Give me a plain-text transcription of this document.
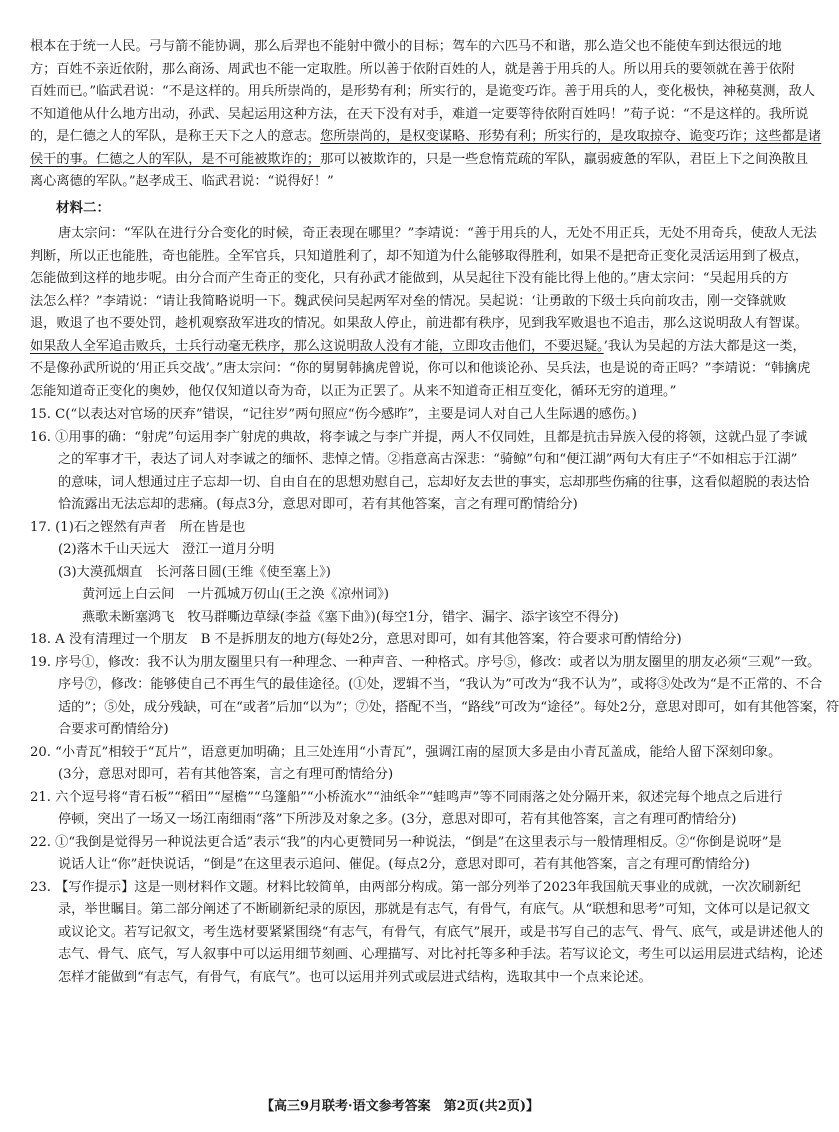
根本在于统一人民。弓与箭不能协调，那么后羿也不能射中微小的目标；驾车的六匹马不和谐，那么造父也不能使车到达很远的地
方；百姓不亲近依附，那么商汤、周武也不能一定取胜。所以善于依附百姓的人，就是善于用兵的人。所以用兵的要领就在善于依附
百姓而已。”临武君说：“不是这样的。用兵所崇尚的，是形势有利；所实行的，是诡变巧诈。善于用兵的人，变化极快，神秘莫测，敌人
不知道他从什么地方出动，孙武、吴起运用这种方法，在天下没有对手，难道一定要等待依附百姓吗！”荀子说：“不是这样的。我所说
的，是仁德之人的军队，是称王天下之人的意志。您所崇尚的，是权变谋略、形势有利；所实行的，是攻取掠夺、诡变巧诈；这些都是诸
侯干的事。仁德之人的军队，是不可能被欺诈的；那可以被欺诈的，只是一些怠惰荒疏的军队，羸弱疲惫的军队，君臣上下之间涣散且
离心离德的军队。”赵孝成王、临武君说：“说得好！”

材料二：

唐太宗问：“军队在进行分合变化的时候，奇正表现在哪里？”李靖说：“善于用兵的人，无处不用正兵，无处不用奇兵，使敌人无法
判断，所以正也能胜，奇也能胜。全军官兵，只知道胜利了，却不知道为什么能够取得胜利，如果不是把奇正变化灵活运用到了极点，
怎能做到这样的地步呢。由分合而产生奇正的变化，只有孙武才能做到，从吴起往下没有能比得上他的。”唐太宗问：“吴起用兵的方
法怎么样？”李靖说：“请让我简略说明一下。魏武侯问吴起两军对垒的情况。吴起说：‘让勇敢的下级士兵向前攻击，刚一交锋就败
退，败退了也不要处罚，趁机观察敌军进攻的情况。如果敌人停止，前进都有秩序，见到我军败退也不追击，那么这说明敌人有智谋。
如果敌人全军追击败兵，士兵行动毫无秩序，那么这说明敌人没有才能，立即攻击他们，不要迟疑。’我认为吴起的方法大都是这一类，
不是像孙武所说的‘用正兵交战’。”唐太宗问：“你的舅舅韩擒虎曾说，你可以和他谈论孙、吴兵法，也是说的奇正吗？”李靖说：“韩擒虎
怎能知道奇正变化的奥妙，他仅仅知道以奇为奇，以正为正罢了。从来不知道奇正相互变化，循环无穷的道理。”
15. C(“以表达对官场的厌弃”错误，“记往岁”两句照应“伤今感昨”，主要是词人对自己人生际遇的感伤。)
16. ①用事的确：“射虎”句运用李广射虎的典故，将李诚之与李广并提，两人不仅同姓，且都是抗击异族入侵的将领，这就凸显了李诚
之的军事才干，表达了词人对李诚之的缅怀、悲悼之情。②指意高古深悲：“骑鲸”句和“便江湖”两句大有庄子“不如相忘于江湖”
的意味，词人想通过庄子忘却一切、自由自在的思想劝慰自己，忘却好友去世的事实，忘却那些伤痛的往事，这看似超脱的表达恰
恰流露出无法忘却的悲痛。(每点3分，意思对即可，若有其他答案，言之有理可酌情给分)
17. (1)石之铿然有声者　所在皆是也
(2)落木千山天远大　澄江一道月分明
(3)大漠孤烟直　长河落日圆(王维《使至塞上》)
黄河远上白云间　一片孤城万仞山(王之涣《凉州词》)
燕歌未断塞鸿飞　牧马群嘶边草绿(李益《塞下曲》)(每空1分，错字、漏字、添字该空不得分)
18. A 没有清理过一个朋友　B 不是拆朋友的地方(每处2分，意思对即可，如有其他答案，符合要求可酌情给分)
19. 序号①，修改：我不认为朋友圈里只有一种理念、一种声音、一种格式。序号⑤，修改：或者以为朋友圈里的朋友必须“三观”一致。
序号⑦，修改：能够使自己不再生气的最佳途径。(①处，逻辑不当，“我认为”可改为“我不认为”，或将③处改为“是不正常的、不合
适的”；⑤处，成分残缺，可在“或者”后加“以为”；⑦处，搭配不当，“路线”可改为“途径”。每处2分，意思对即可，如有其他答案，符
合要求可酌情给分)
20. “小青瓦”相较于“瓦片”，语意更加明确；且三处连用“小青瓦”，强调江南的屋顶大多是由小青瓦盖成，能给人留下深刻印象。
(3分，意思对即可，若有其他答案，言之有理可酌情给分)
21. 六个逗号将“青石板”“稻田”“屋檐”“乌篷船”“小桥流水”“油纸伞”“蛙鸣声”等不同雨落之处分隔开来，叙述完每个地点之后进行
停顿，突出了一场又一场江南细雨“落”下所涉及对象之多。(3分，意思对即可，若有其他答案，言之有理可酌情给分)
22. ①“我倒是觉得另一种说法更合适”表示“我”的内心更赞同另一种说法，“倒是”在这里表示与一般情理相反。②“你倒是说呀”是
说话人让“你”赶快说话，“倒是”在这里表示追问、催促。(每点2分，意思对即可，若有其他答案，言之有理可酌情给分)
23. 【写作提示】这是一则材料作文题。材料比较简单，由两部分构成。第一部分列举了2023年我国航天事业的成就，一次次刷新纪
录，举世瞩目。第二部分阐述了不断刷新纪录的原因，那就是有志气，有骨气，有底气。从“联想和思考”可知，文体可以是记叙文
或议论文。若写记叙文，考生选材要紧紧围绕“有志气，有骨气，有底气”展开，或是书写自己的志气、骨气、底气，或是讲述他人的
志气、骨气、底气，写人叙事中可以运用细节刻画、心理描写、对比衬托等多种手法。若写议论文，考生可以运用层进式结构，论述
怎样才能做到“有志气，有骨气，有底气”。也可以运用并列式或层进式结构，选取其中一个点来论述。
【高三9月联考·语文参考答案　第2页(共2页)】
